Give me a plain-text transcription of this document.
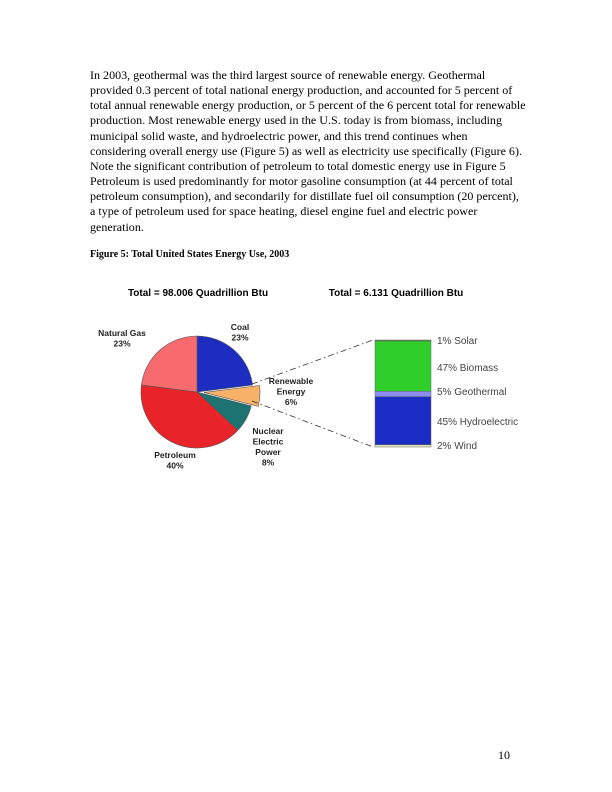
In 2003, geothermal was the third largest source of renewable energy. Geothermal provided 0.3 percent of total national energy production, and accounted for 5 percent of total annual renewable energy production, or 5 percent of the 6 percent total for renewable production. Most renewable energy used in the U.S. today is from biomass, including municipal solid waste, and hydroelectric power, and this trend continues when considering overall energy use (Figure 5) as well as electricity use specifically (Figure 6). Note the significant contribution of petroleum to total domestic energy use in Figure 5 Petroleum is used predominantly for motor gasoline consumption (at 44 percent of total petroleum consumption), and secondarily for distillate fuel oil consumption (20 percent), a type of petroleum used for space heating, diesel engine fuel and electric power generation.

Figure 5: Total United States Energy Use, 2003

Total = 98.006 Quadrillion Btu	Total = 6.131 Quadrillion Btu
Coal 23%
Renewable Energy 6%
Nuclear Electric Power 8%
Petroleum 40%
Natural Gas 23%	1% Solar
47% Biomass
5% Geothermal
45% Hydroelectric
2% Wind
10
